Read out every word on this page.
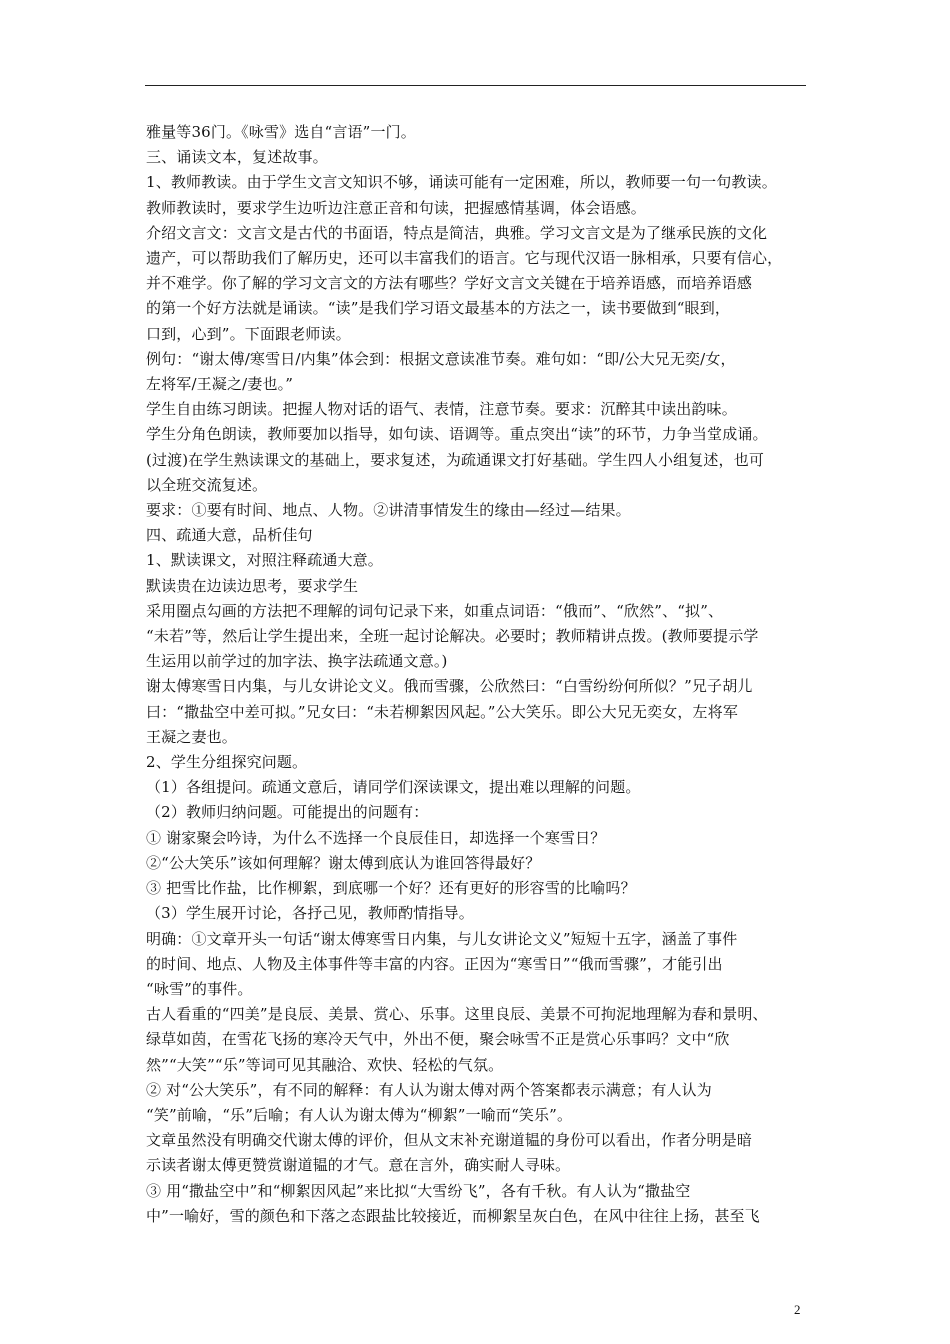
雅量等36门。《咏雪》选自“言语”一门。
三、诵读文本，复述故事。
1、教师教读。由于学生文言文知识不够，诵读可能有一定困难，所以，教师要一句一句教读。
教师教读时，要求学生边听边注意正音和句读，把握感情基调，体会语感。
介绍文言文：文言文是古代的书面语，特点是简洁，典雅。学习文言文是为了继承民族的文化
遗产，可以帮助我们了解历史，还可以丰富我们的语言。它与现代汉语一脉相承，只要有信心，
并不难学。你了解的学习文言文的方法有哪些？学好文言文关键在于培养语感，而培养语感
的第一个好方法就是诵读。“读”是我们学习语文最基本的方法之一，读书要做到“眼到，
口到，心到”。下面跟老师读。
例句：“谢太傅/寒雪日/内集”体会到：根据文意读准节奏。难句如：“即/公大兄无奕/女，
左将军/王凝之/妻也。”
学生自由练习朗读。把握人物对话的语气、表情，注意节奏。要求：沉醉其中读出韵味。
学生分角色朗读，教师要加以指导，如句读、语调等。重点突出“读”的环节，力争当堂成诵。
(过渡)在学生熟读课文的基础上，要求复述，为疏通课文打好基础。学生四人小组复述，也可
以全班交流复述。
要求：①要有时间、地点、人物。②讲清事情发生的缘由—经过—结果。
四、疏通大意，品析佳句
1、默读课文，对照注释疏通大意。
默读贵在边读边思考，要求学生
采用圈点勾画的方法把不理解的词句记录下来，如重点词语：“俄而”、“欣然”、“拟”、
“未若”等，然后让学生提出来，全班一起讨论解决。必要时；教师精讲点拨。(教师要提示学
生运用以前学过的加字法、换字法疏通文意。)
谢太傅寒雪日内集，与儿女讲论文义。俄而雪骤，公欣然曰：“白雪纷纷何所似？”兄子胡儿
曰：“撒盐空中差可拟。”兄女曰：“未若柳絮因风起。”公大笑乐。即公大兄无奕女，左将军
王凝之妻也。
2、学生分组探究问题。
（1）各组提问。疏通文意后，请同学们深读课文，提出难以理解的问题。
（2）教师归纳问题。可能提出的问题有：
① 谢家聚会吟诗，为什么不选择一个良辰佳日，却选择一个寒雪日？
②“公大笑乐”该如何理解？谢太傅到底认为谁回答得最好？
③ 把雪比作盐，比作柳絮，到底哪一个好？还有更好的形容雪的比喻吗？
（3）学生展开讨论，各抒己见，教师酌情指导。
明确：①文章开头一句话“谢太傅寒雪日内集，与儿女讲论文义”短短十五字，涵盖了事件
的时间、地点、人物及主体事件等丰富的内容。正因为“寒雪日”“俄而雪骤”，才能引出
“咏雪”的事件。
古人看重的“四美”是良辰、美景、赏心、乐事。这里良辰、美景不可拘泥地理解为春和景明、
绿草如茵，在雪花飞扬的寒冷天气中，外出不便，聚会咏雪不正是赏心乐事吗？文中“欣
然”“大笑”“乐”等词可见其融洽、欢快、轻松的气氛。
② 对“公大笑乐”，有不同的解释：有人认为谢太傅对两个答案都表示满意；有人认为
“笑”前喻，“乐”后喻；有人认为谢太傅为“柳絮”一喻而“笑乐”。
文章虽然没有明确交代谢太傅的评价，但从文末补充谢道韫的身份可以看出，作者分明是暗
示读者谢太傅更赞赏谢道韫的才气。意在言外，确实耐人寻味。
③ 用“撒盐空中”和“柳絮因风起”来比拟“大雪纷飞”，各有千秋。有人认为“撒盐空
中”一喻好，雪的颜色和下落之态跟盐比较接近，而柳絮呈灰白色，在风中往往上扬，甚至飞
2
